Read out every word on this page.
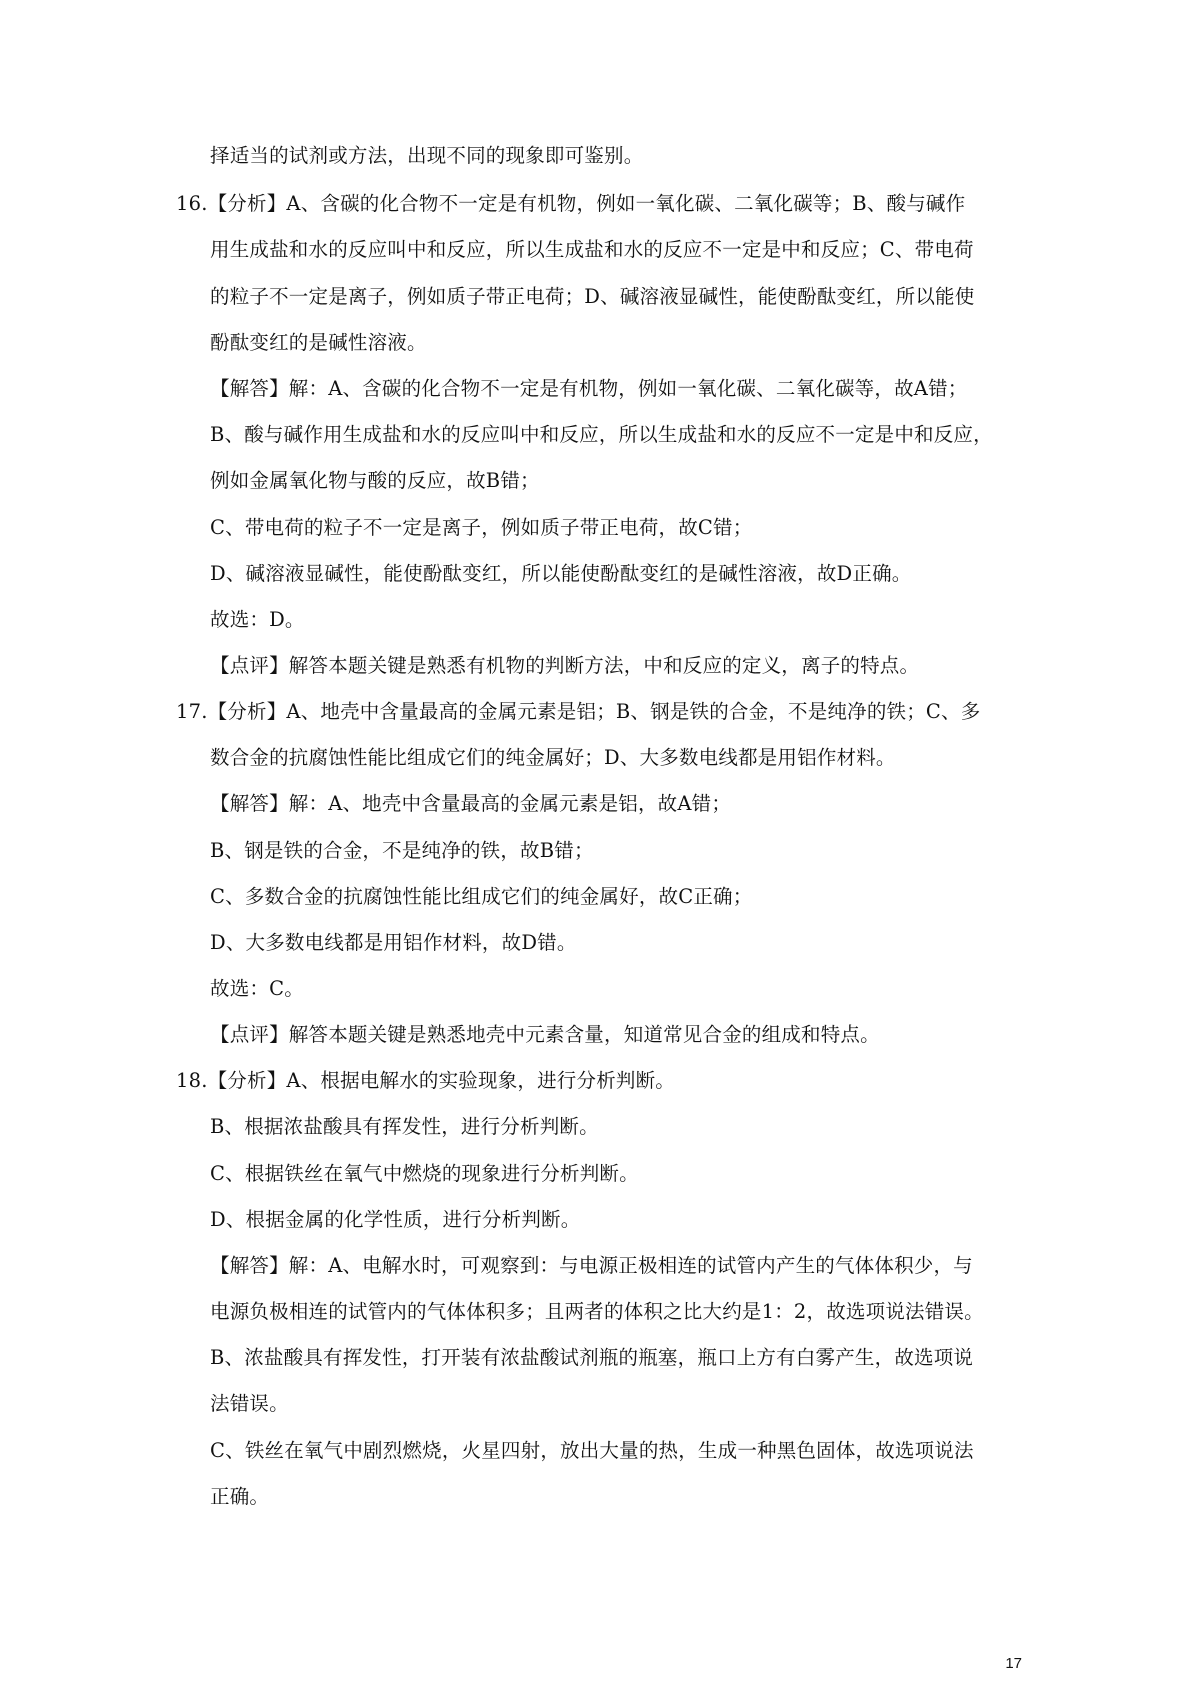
择适当的试剂或方法，出现不同的现象即可鉴别。
16.【分析】A、含碳的化合物不一定是有机物，例如一氧化碳、二氧化碳等；B、酸与碱作
用生成盐和水的反应叫中和反应，所以生成盐和水的反应不一定是中和反应；C、带电荷
的粒子不一定是离子，例如质子带正电荷；D、碱溶液显碱性，能使酚酞变红，所以能使
酚酞变红的是碱性溶液。
【解答】解：A、含碳的化合物不一定是有机物，例如一氧化碳、二氧化碳等，故A错；
B、酸与碱作用生成盐和水的反应叫中和反应，所以生成盐和水的反应不一定是中和反应，
例如金属氧化物与酸的反应，故B错；
C、带电荷的粒子不一定是离子，例如质子带正电荷，故C错；
D、碱溶液显碱性，能使酚酞变红，所以能使酚酞变红的是碱性溶液，故D正确。
故选：D。
【点评】解答本题关键是熟悉有机物的判断方法，中和反应的定义，离子的特点。
17.【分析】A、地壳中含量最高的金属元素是铝；B、钢是铁的合金，不是纯净的铁；C、多
数合金的抗腐蚀性能比组成它们的纯金属好；D、大多数电线都是用铝作材料。
【解答】解：A、地壳中含量最高的金属元素是铝，故A错；
B、钢是铁的合金，不是纯净的铁，故B错；
C、多数合金的抗腐蚀性能比组成它们的纯金属好，故C正确；
D、大多数电线都是用铝作材料，故D错。
故选：C。
【点评】解答本题关键是熟悉地壳中元素含量，知道常见合金的组成和特点。
18.【分析】A、根据电解水的实验现象，进行分析判断。
B、根据浓盐酸具有挥发性，进行分析判断。
C、根据铁丝在氧气中燃烧的现象进行分析判断。
D、根据金属的化学性质，进行分析判断。
【解答】解：A、电解水时，可观察到：与电源正极相连的试管内产生的气体体积少，与
电源负极相连的试管内的气体体积多；且两者的体积之比大约是1：2，故选项说法错误。
B、浓盐酸具有挥发性，打开装有浓盐酸试剂瓶的瓶塞，瓶口上方有白雾产生，故选项说
法错误。
C、铁丝在氧气中剧烈燃烧，火星四射，放出大量的热，生成一种黑色固体，故选项说法
正确。
17
